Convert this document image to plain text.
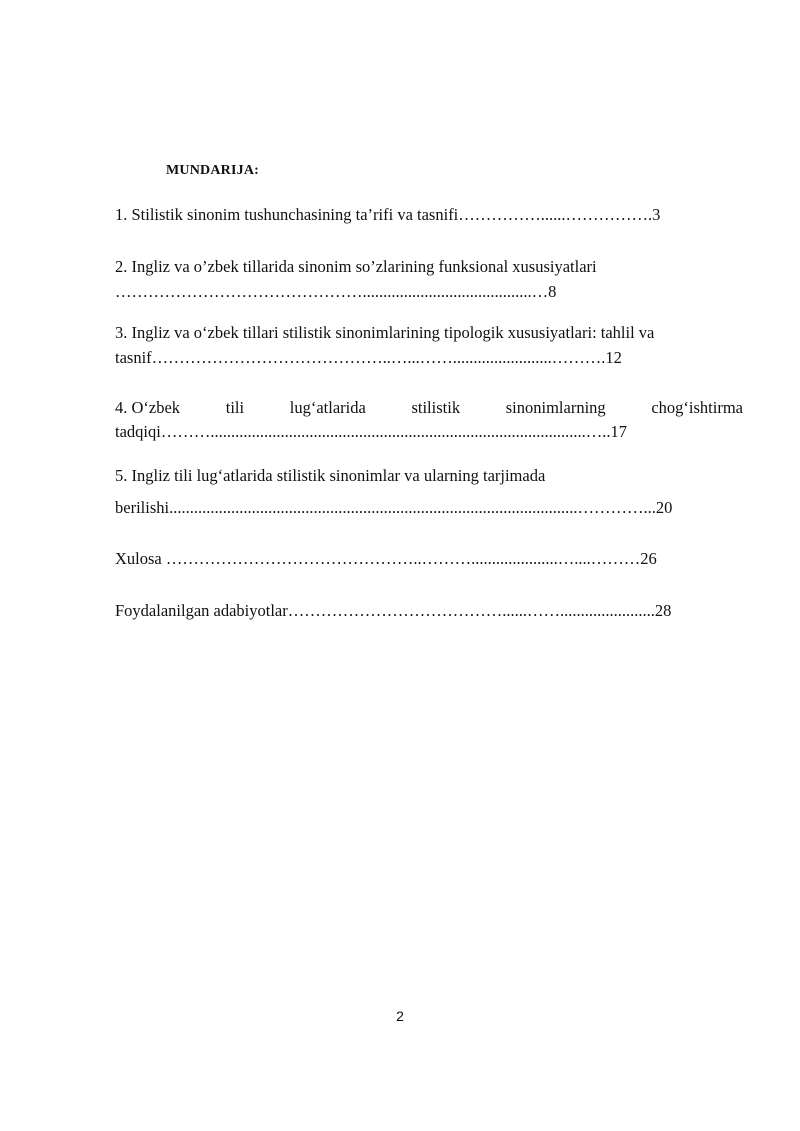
MUNDARIJA:
1. Stilistik sinonim tushunchasining ta’rifi va tasnifi……………......…………….3
2. Ingliz va o’zbek tillarida sinonim so’zlarining funksional xususiyatlari
……………………………………….........................................…8
3. Ingliz va o‘zbek tillari stilistik sinonimlarining tipologik xususiyatlari: tahlil va
tasnif……………………………………..…...……........................……….12
4. O‘zbek	tili	lug‘atlarida	stilistik	sinonimlarning	chog‘ishtirma
tadqiqi………...........................................................................................…..17
5. Ingliz tili lug‘atlarida stilistik sinonimlar va ularning tarjimada
berilishi...................................................................................................…………...20
Xulosa ………………………………………..……….....................…....………26
Foydalanilgan adabiyotlar…………………………………......…….......................28
2
